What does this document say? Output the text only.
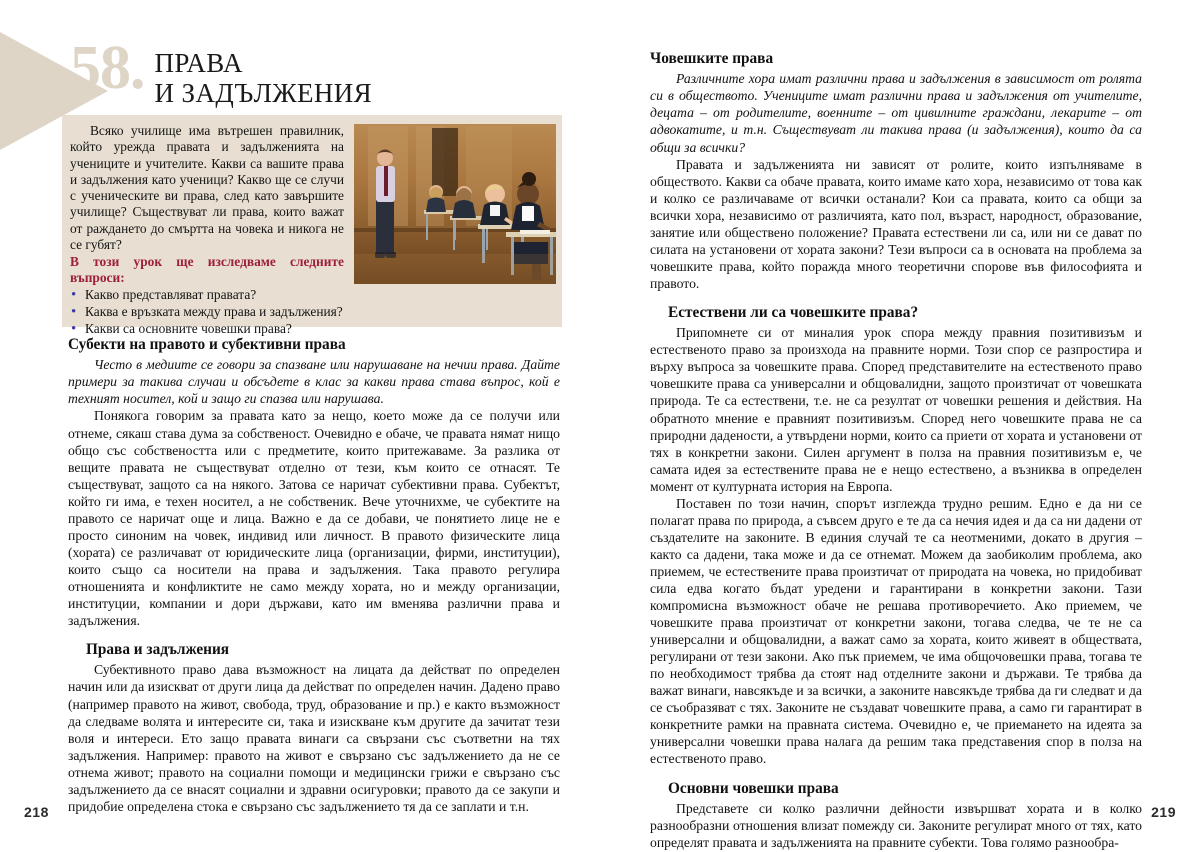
58. ПРАВА
И ЗАДЪЛЖЕНИЯ

Всяко училище има вътрешен правилник, който урежда правата и задълженията на учениците и учителите. Какви са вашите права и задължения като ученици? Какво ще се случи с ученическите ви права, след като завършите училище? Съществуват ли права, които важат от раждането до смъртта на човека и никога не се губят?

В този урок ще изследваме следните въпроси:

• Какво представляват правата?
• Каква е връзката между права и задължения?
• Какви са основните човешки права?
Субекти на правото и субективни права

Често в медиите се говори за спазване или нарушаване на нечии права. Дайте примери за такива случаи и обсъдете в клас за какви права става въпрос, кой е техният носител, кой и защо ги спазва или нарушава.

Понякога говорим за правата като за нещо, което може да се получи или отнеме, сякаш става дума за собственост. Очевидно е обаче, че правата нямат нищо общо със собствеността или с предметите, които притежаваме. За разлика от вещите правата не съществуват отделно от тези, към които се отнасят. Те съществуват, защото са на някого. Затова се наричат субективни права. Субектът, който ги има, е техен носител, а не собственик. Вече уточнихме, че субектите на правото се наричат още и лица. Важно е да се добави, че понятието лице не е просто синоним на човек, индивид или личност. В правото физическите лица (хората) се различават от юридическите лица (организации, фирми, институции), които също са носители на права и задължения. Така правото регулира отношенията и конфликтите не само между хората, но и между организации, институции, компании и дори държави, като им вменява различни права и задължения.

Права и задължения

Субективното право дава възможност на лицата да действат по определен начин или да изискват от други лица да действат по определен начин. Дадено право (например правото на живот, свобода, труд, образование и пр.) е както възможност да следваме волята и интересите си, така и изискване към другите да зачитат тези воля и интереси. Ето защо правата винаги са свързани със съответни на тях задължения. Например: правото на живот е свързано със задължението да не се отнема живот; правото на социални помощи и медицински грижи е свързано със задължението да се внасят социални и здравни осигуровки; правото да се закупи и придобие определена стока е свързано със задължението тя да се заплати и т.н.

Човешките права

Различните хора имат различни права и задължения в зависимост от ролята си в обществото. Учениците имат различни права и задължения от учителите, децата – от родителите, военните – от цивилните граждани, лекарите – от адвокатите, и т.н. Съществуват ли такива права (и задължения), които да са общи за всички?

Правата и задълженията ни зависят от ролите, които изпълняваме в обществото. Какви са обаче правата, които имаме като хора, независимо от това как и колко се различаваме от всички останали? Кои са правата, които са общи за всички хора, независимо от различията, като пол, възраст, народност, образование, занятие или обществено положение? Правата естествени ли са, или ни се дават по силата на установени от хората закони? Тези въпроси са в основата на проблема за човешките права, който поражда много теоретични спорове във философията и правото.

Естествени ли са човешките права?

Припомнете си от миналия урок спора между правния позитивизъм и естественото право за произхода на правните норми. Този спор се разпростира и върху въпроса за човешките права. Според представителите на естественото право човешките права са универсални и общовалидни, защото произтичат от човешката природа. Те са естествени, т.е. не са резултат от човешки решения и действия. На обратното мнение е правният позитивизъм. Според него човешките права не са природни дадености, а утвърдени норми, които са приети от хората и установени от тях в конкретни закони. Силен аргумент в полза на правния позитивизъм е, че самата идея за естествените права не е нещо естествено, а възниква в определен момент от културната история на Европа.

Поставен по този начин, спорът изглежда трудно решим. Едно е да ни се полагат права по природа, а съвсем друго е те да са нечия идея и да са ни дадени от създателите на законите. В единия случай те са неотменими, докато в другия – както са дадени, така може и да се отнемат. Можем да заобиколим проблема, ако приемем, че естествените права произтичат от природата на човека, но придобиват сила едва когато бъдат уредени и гарантирани в конкретни закони. Тази компромисна възможност обаче не решава противоречието. Ако приемем, че човешките права произтичат от конкретни закони, тогава следва, че те не са универсални и общовалидни, а важат само за хората, които живеят в обществата, регулирани от тези закони. Ако пък приемем, че има общочовешки права, тогава те по необходимост трябва да стоят над отделните закони и държави. Те трябва да важат винаги, навсякъде и за всички, а законите навсякъде трябва да ги следват и да се съобразяват с тях. Законите не създават човешките права, а само ги гарантират в конкретните рамки на правната система. Очевидно е, че приемането на идеята за универсални човешки права налага да решим така представения спор в полза на естественото право.

Основни човешки права

Представете си колко различни дейности извършват хората и в колко разнообразни отношения влизат помежду си. Законите регулират много от тях, като определят правата и задълженията на правните субекти. Това голямо разнообра-

218	219
